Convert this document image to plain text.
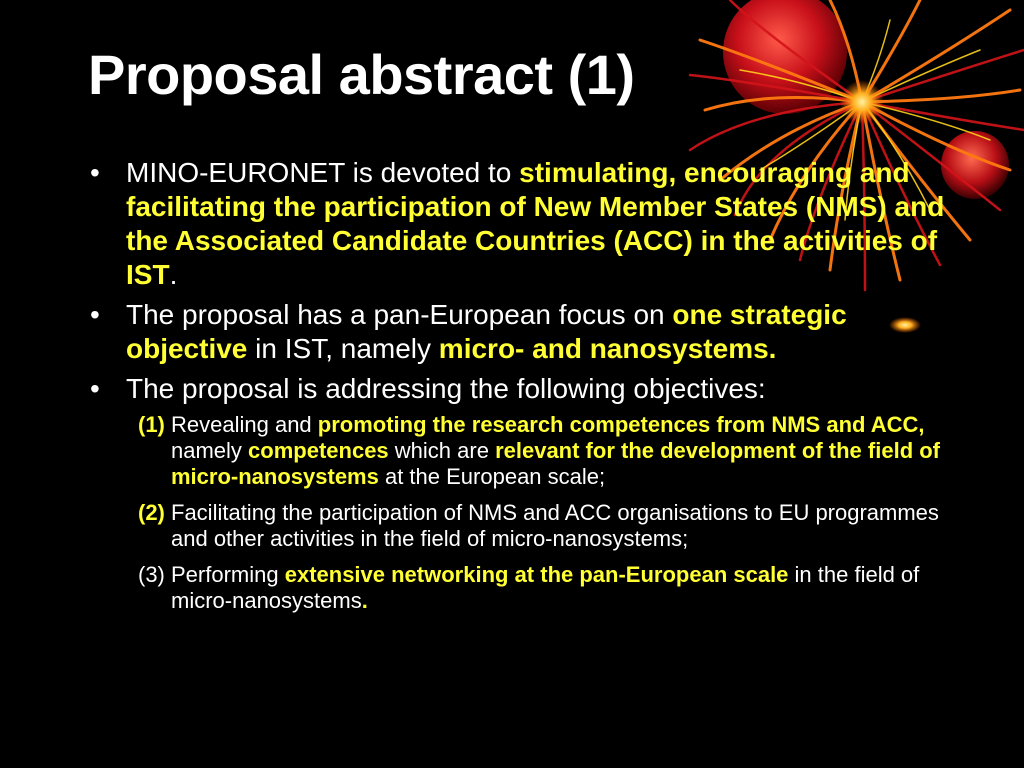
Proposal abstract (1)
• MINO-EURONET is devoted to stimulating, encouraging and facilitating the participation of New Member States (NMS) and the Associated Candidate Countries (ACC) in the activities of IST.
• The proposal has a pan-European focus on one strategic objective in IST, namely micro- and nanosystems.
• The proposal is addressing the following objectives:
(1) Revealing and promoting the research competences from NMS and ACC, namely competences which are relevant for the development of the field of micro-nanosystems at the European scale;
(2) Facilitating the participation of NMS and ACC organisations to EU programmes and other activities in the field of micro-nanosystems;
(3) Performing extensive networking at the pan-European scale in the field of micro-nanosystems.
